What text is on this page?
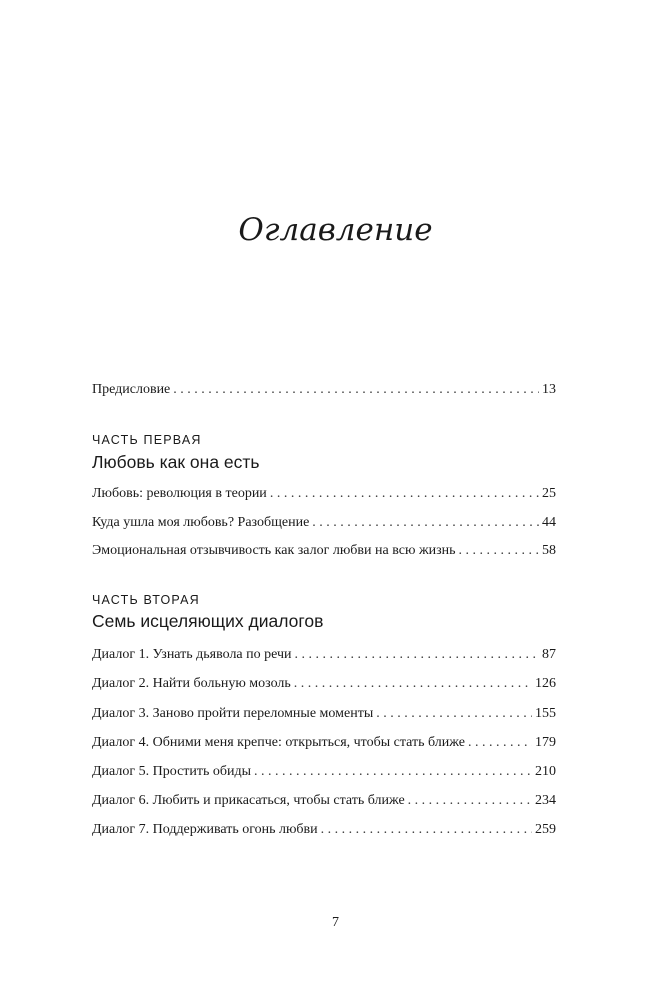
Оглавление
Предисловие . . .	13
ЧАСТЬ ПЕРВАЯ
Любовь как она есть
Любовь: революция в теории . . .	25
Куда ушла моя любовь? Разобщение . . .	44
Эмоциональная отзывчивость как залог любви на всю жизнь . . .	58
ЧАСТЬ ВТОРАЯ
Семь исцеляющих диалогов
Диалог 1. Узнать дьявола по речи . . .	87
Диалог 2. Найти больную мозоль . . .	126
Диалог 3. Заново пройти переломные моменты . . .	155
Диалог 4. Обними меня крепче: открыться, чтобы стать ближе . . .	179
Диалог 5. Простить обиды . . .	210
Диалог 6. Любить и прикасаться, чтобы стать ближе . . .	234
Диалог 7. Поддерживать огонь любви . . .	259
7
